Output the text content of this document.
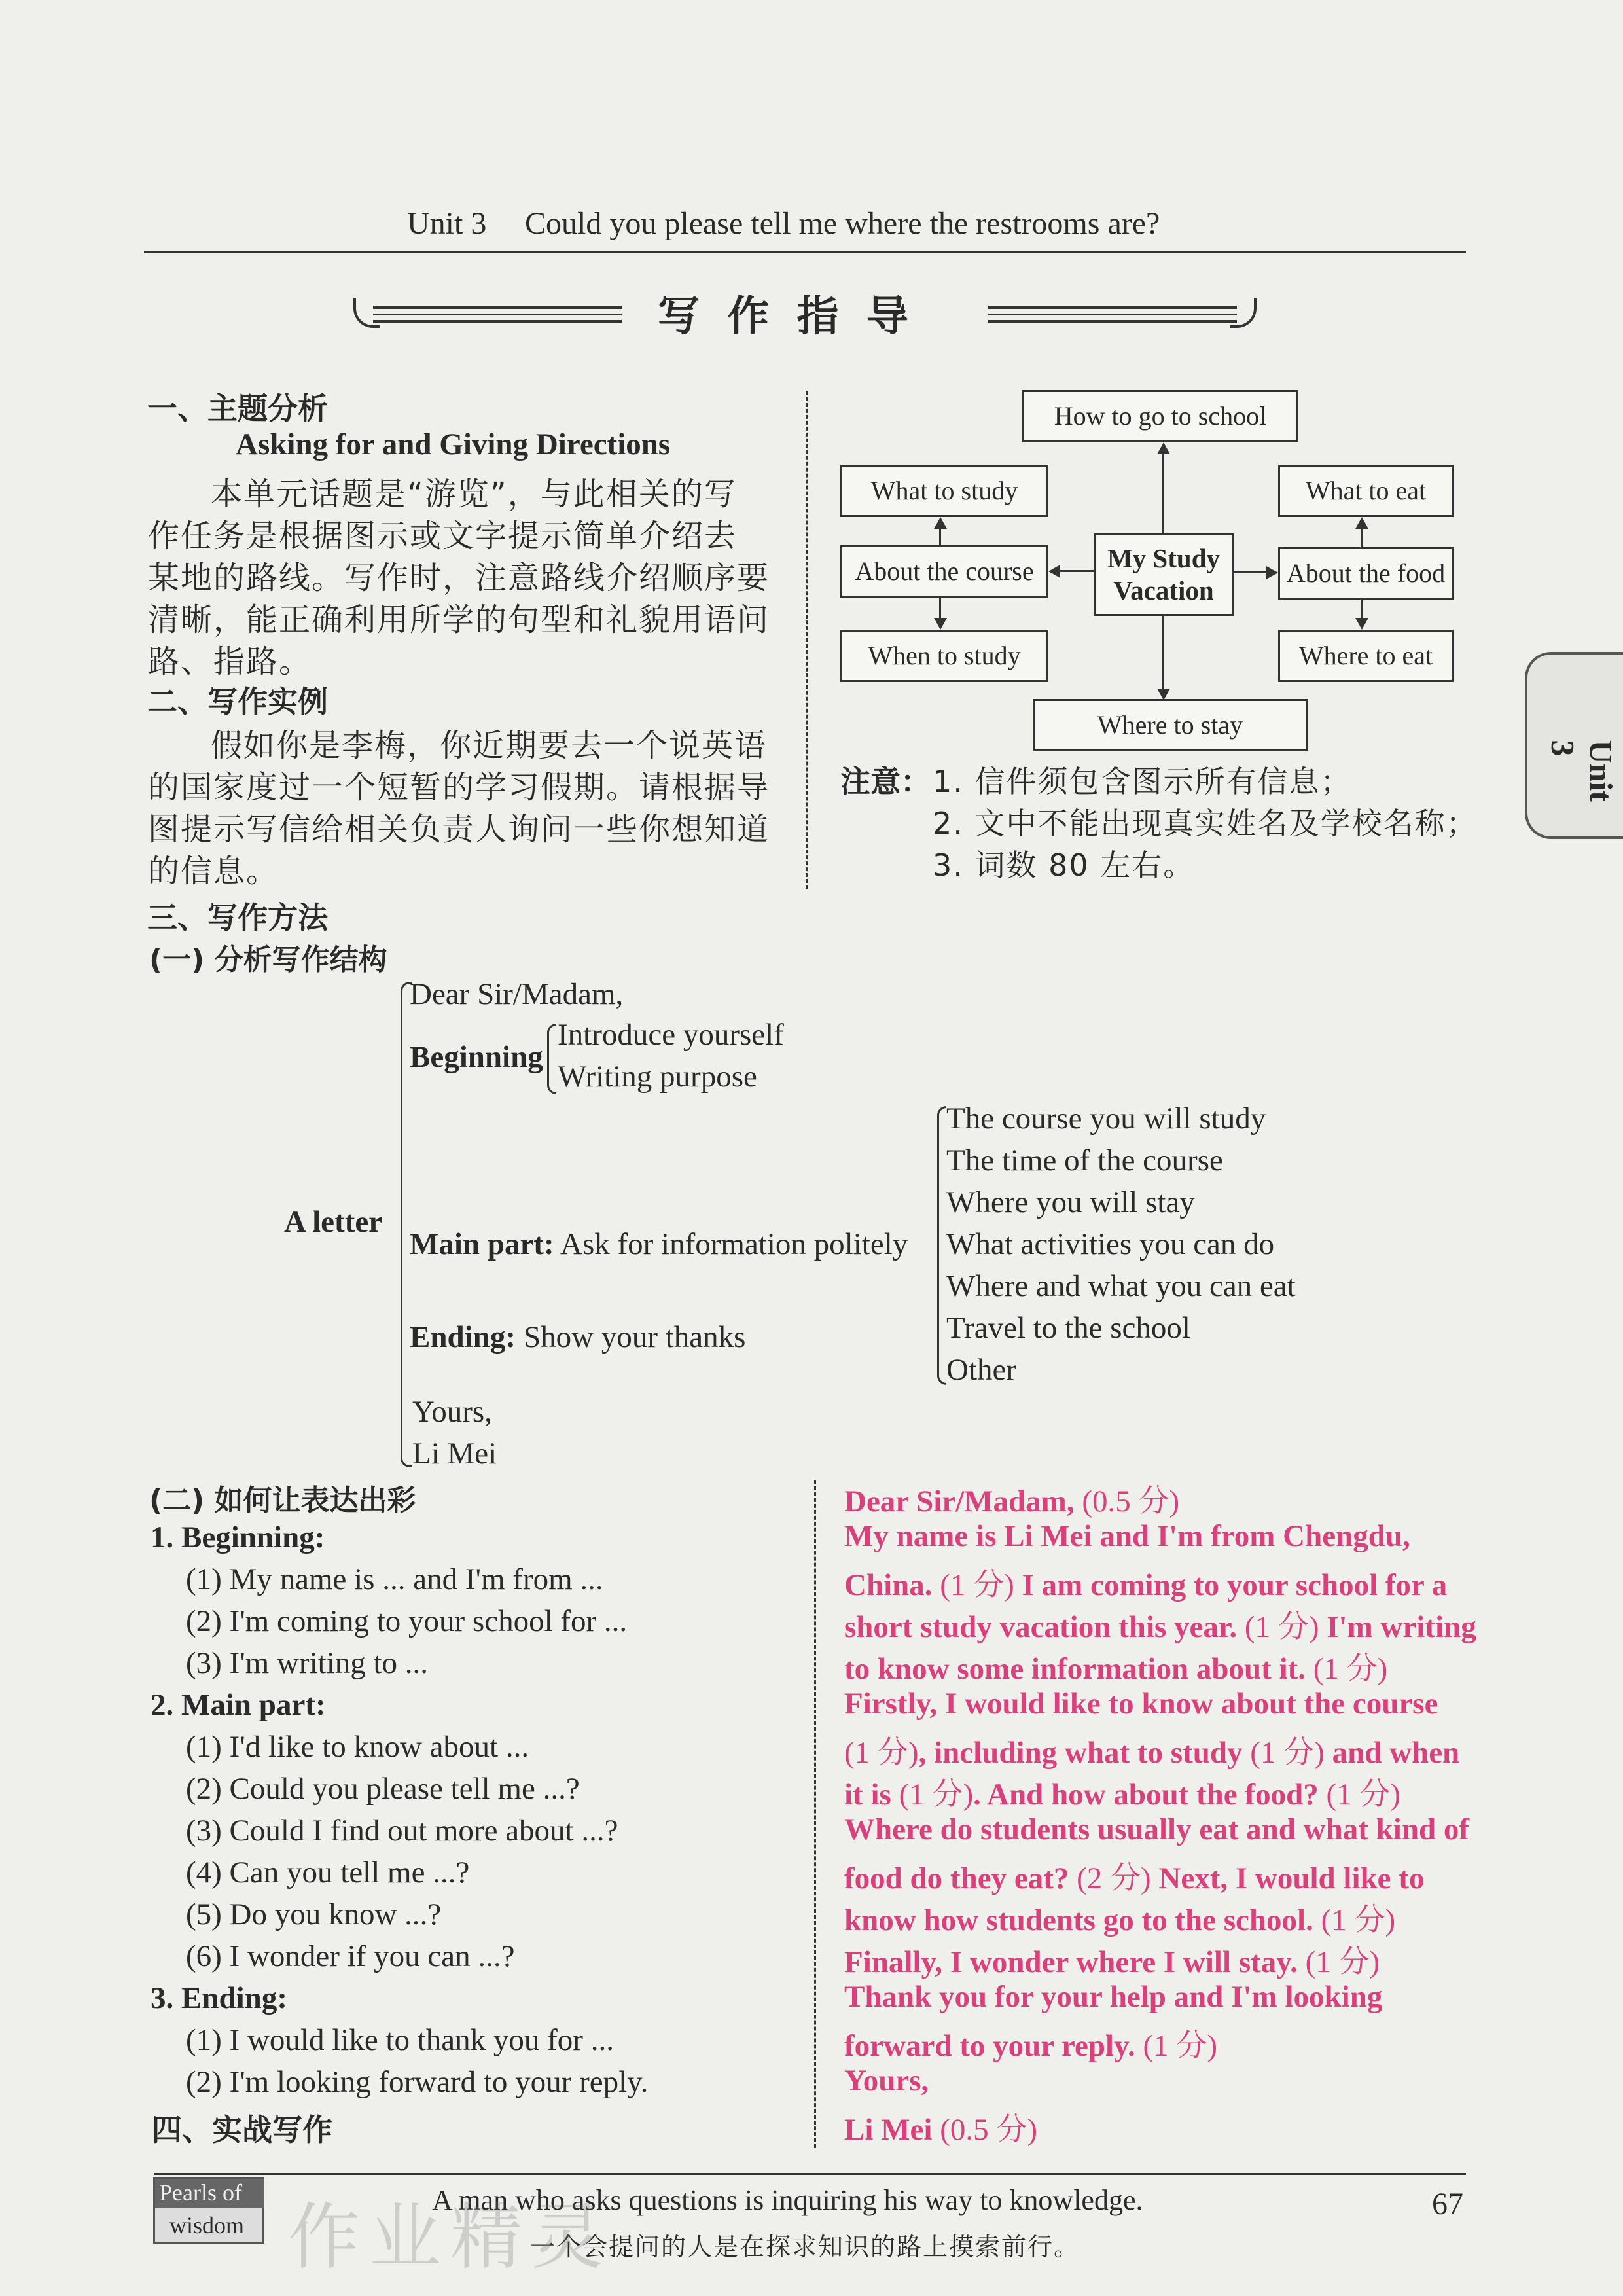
Unit 3 Could you please tell me where the restrooms are?
写 作 指 导
一、主题分析
Asking for and Giving Directions
本单元话题是“游览”，与此相关的写
作任务是根据图示或文字提示简单介绍去
某地的路线。写作时，注意路线介绍顺序要
清晰，能正确利用所学的句型和礼貌用语问
路、指路。
二、写作实例
假如你是李梅，你近期要去一个说英语
的国家度过一个短暂的学习假期。请根据导
图提示写信给相关负责人询问一些你想知道
的信息。
How to go to school
What to study
About the course
When to study
What to eat
About the food
Where to eat
Where to stay
My Study
Vacation
注意： 1. 信件须包含图示所有信息；
2. 文中不能出现真实姓名及学校名称；
3. 词数 80 左右。
三、写作方法
(一) 分析写作结构
A letter
Dear Sir/Madam,
Beginning
Introduce yourself
Writing purpose
Main part: Ask for information politely
The course you will study
The time of the course
Where you will stay
What activities you can do
Where and what you can eat
Travel to the school
Other
Ending: Show your thanks
Yours,
Li Mei
(二) 如何让表达出彩
1. Beginning:
(1) My name is ... and I'm from ...
(2) I'm coming to your school for ...
(3) I'm writing to ...
2. Main part:
(1) I'd like to know about ...
(2) Could you please tell me ...?
(3) Could I find out more about ...?
(4) Can you tell me ...?
(5) Do you know ...?
(6) I wonder if you can ...?
3. Ending:
(1) I would like to thank you for ...
(2) I'm looking forward to your reply.
四、实战写作
Dear Sir/Madam, (0.5 分)
My name is Li Mei and I'm from Chengdu,
China. (1 分) I am coming to your school for a
short study vacation this year. (1 分) I'm writing
to know some information about it. (1 分)
Firstly, I would like to know about the course
(1 分), including what to study (1 分) and when
it is (1 分). And how about the food? (1 分)
Where do students usually eat and what kind of
food do they eat? (2 分) Next, I would like to
know how students go to the school. (1 分)
Finally, I wonder where I will stay. (1 分)
Thank you for your help and I'm looking
forward to your reply. (1 分)
Yours,
Li Mei (0.5 分)
Unit 3
Pearls of
wisdom
A man who asks questions is inquiring his way to knowledge.
一个会提问的人是在探求知识的路上摸索前行。
67
作业精灵
